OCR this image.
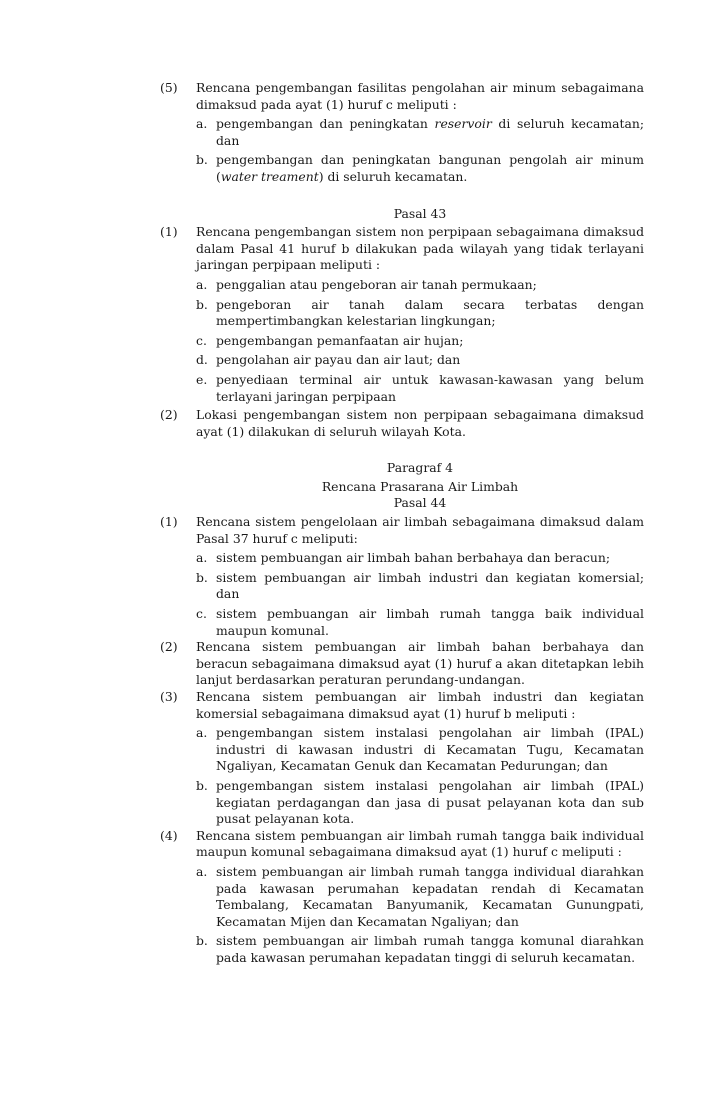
(5)	Rencana pengembangan fasilitas pengolahan air minum sebagaimana dimaksud pada ayat (1) huruf c meliputi :
a. pengembangan dan peningkatan reservoir di seluruh kecamatan; dan
b. pengembangan dan peningkatan bangunan pengolah air minum (water treament) di seluruh kecamatan.
Pasal 43
(1)	Rencana pengembangan sistem non perpipaan sebagaimana dimaksud dalam Pasal 41 huruf b dilakukan pada wilayah yang tidak terlayani jaringan perpipaan meliputi :
a. penggalian atau pengeboran air tanah permukaan;
b. pengeboran air tanah dalam secara terbatas dengan mempertimbangkan kelestarian lingkungan;
c. pengembangan pemanfaatan air hujan;
d. pengolahan air payau dan air laut; dan
e. penyediaan terminal air untuk kawasan-kawasan yang belum terlayani jaringan perpipaan
(2)	Lokasi pengembangan sistem non perpipaan sebagaimana dimaksud ayat (1) dilakukan di seluruh wilayah Kota.
Paragraf 4
Rencana Prasarana Air Limbah
Pasal 44
(1)	Rencana sistem pengelolaan air limbah sebagaimana dimaksud dalam Pasal 37 huruf c meliputi:
a. sistem pembuangan air limbah bahan berbahaya dan beracun;
b. sistem pembuangan air limbah industri dan kegiatan komersial; dan
c. sistem pembuangan air limbah rumah tangga baik individual maupun komunal.
(2)	Rencana sistem pembuangan air limbah bahan berbahaya dan beracun sebagaimana dimaksud ayat (1) huruf a akan ditetapkan lebih lanjut berdasarkan peraturan perundang-undangan.
(3)	Rencana sistem pembuangan air limbah industri dan kegiatan komersial sebagaimana dimaksud ayat (1) huruf b meliputi :
a. pengembangan sistem instalasi pengolahan air limbah (IPAL) industri di kawasan industri di Kecamatan Tugu, Kecamatan Ngaliyan, Kecamatan Genuk dan Kecamatan Pedurungan; dan
b. pengembangan sistem instalasi pengolahan air limbah (IPAL) kegiatan perdagangan dan jasa di pusat pelayanan kota dan sub pusat pelayanan kota.
(4)	Rencana sistem pembuangan air limbah rumah tangga baik individual maupun komunal sebagaimana dimaksud ayat (1) huruf c meliputi :
a. sistem pembuangan air limbah rumah tangga individual diarahkan pada kawasan perumahan kepadatan rendah di Kecamatan Tembalang, Kecamatan Banyumanik, Kecamatan Gunungpati, Kecamatan Mijen dan Kecamatan Ngaliyan; dan
b. sistem pembuangan air limbah rumah tangga komunal diarahkan pada kawasan perumahan kepadatan tinggi di seluruh kecamatan.
